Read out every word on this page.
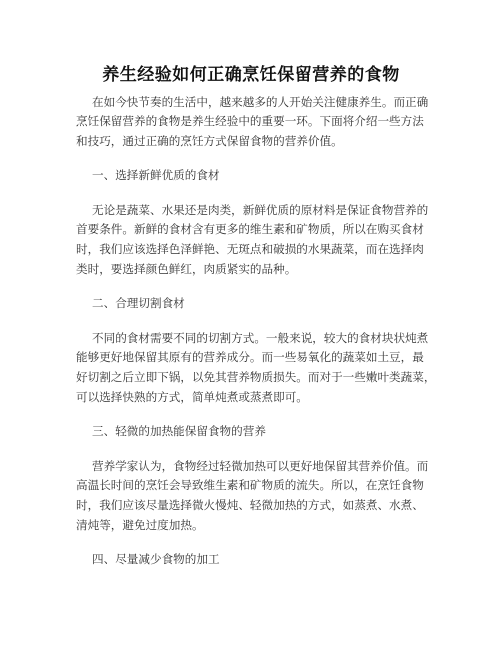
养生经验如何正确烹饪保留营养的食物
在如今快节奏的生活中，越来越多的人开始关注健康养生。而正确
烹饪保留营养的食物是养生经验中的重要一环。下面将介绍一些方法
和技巧，通过正确的烹饪方式保留食物的营养价值。
一、选择新鲜优质的食材
无论是蔬菜、水果还是肉类，新鲜优质的原材料是保证食物营养的
首要条件。新鲜的食材含有更多的维生素和矿物质，所以在购买食材
时，我们应该选择色泽鲜艳、无斑点和破损的水果蔬菜，而在选择肉
类时，要选择颜色鲜红，肉质紧实的品种。
二、合理切割食材
不同的食材需要不同的切割方式。一般来说，较大的食材块状炖煮
能够更好地保留其原有的营养成分。而一些易氧化的蔬菜如土豆，最
好切割之后立即下锅，以免其营养物质损失。而对于一些嫩叶类蔬菜，
可以选择快熟的方式，简单炖煮或蒸煮即可。
三、轻微的加热能保留食物的营养
营养学家认为，食物经过轻微加热可以更好地保留其营养价值。而
高温长时间的烹饪会导致维生素和矿物质的流失。所以，在烹饪食物
时，我们应该尽量选择微火慢炖、轻微加热的方式，如蒸煮、水煮、
清炖等，避免过度加热。
四、尽量减少食物的加工
